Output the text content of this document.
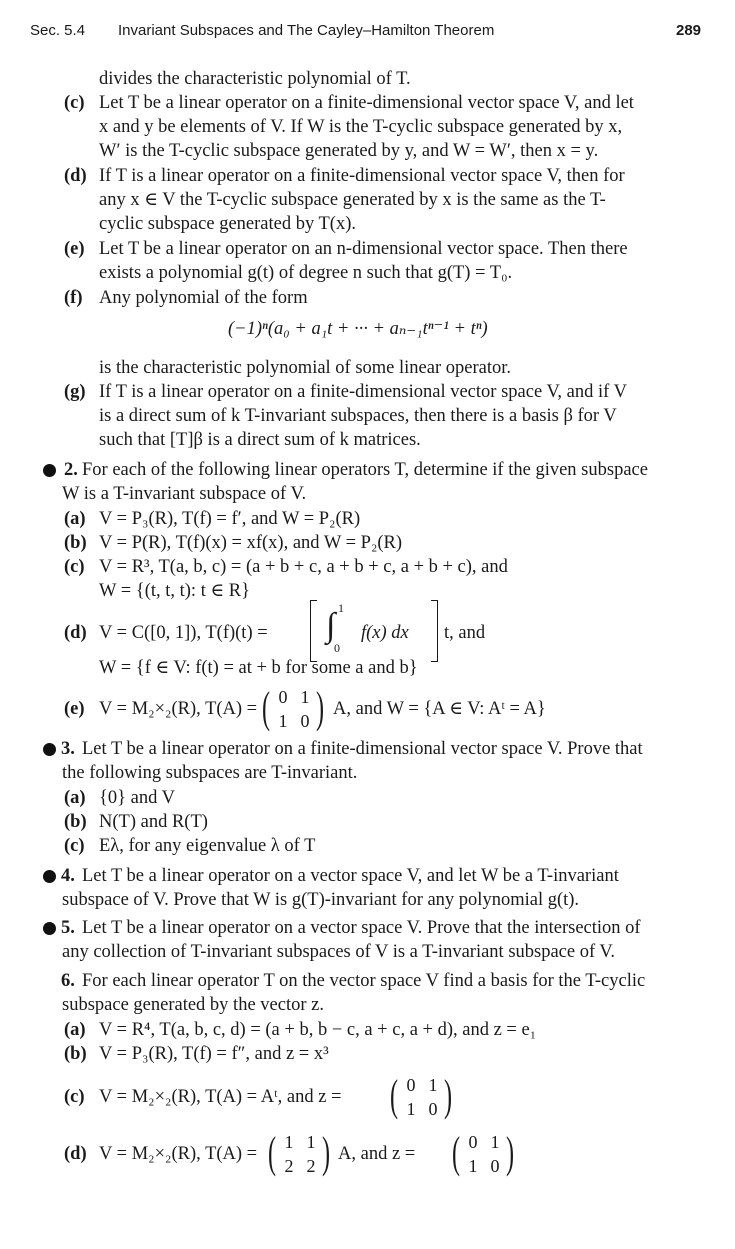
Sec. 5.4 Invariant Subspaces and The Cayley–Hamilton Theorem	289
divides the characteristic polynomial of T.
(c) Let T be a linear operator on a finite-dimensional vector space V, and let
x and y be elements of V. If W is the T-cyclic subspace generated by x,
W′ is the T-cyclic subspace generated by y, and W = W′, then x = y.
(d) If T is a linear operator on a finite-dimensional vector space V, then for
any x ∈ V the T-cyclic subspace generated by x is the same as the T-
cyclic subspace generated by T(x).
(e) Let T be a linear operator on an n-dimensional vector space. Then there
exists a polynomial g(t) of degree n such that g(T) = T₀.
(f) Any polynomial of the form
(−1)ⁿ(a₀ + a₁t + ··· + aₙ₋₁tⁿ⁻¹ + tⁿ)
is the characteristic polynomial of some linear operator.
(g) If T is a linear operator on a finite-dimensional vector space V, and if V
is a direct sum of k T-invariant subspaces, then there is a basis β for V
such that [T]β is a direct sum of k matrices.
2. For each of the following linear operators T, determine if the given subspace
W is a T-invariant subspace of V.
(a) V = P₃(R), T(f) = f′, and W = P₂(R)
(b) V = P(R), T(f)(x) = xf(x), and W = P₂(R)
(c) V = R³, T(a, b, c) = (a + b + c, a + b + c, a + b + c), and
W = {(t, t, t): t ∈ R}
(d) V = C([0, 1]), T(f)(t) = ∫ 1
0
f(x) dx t, and
W = {f ∈ V: f(t) = at + b for some a and b}
(e) V = M₂×₂(R), T(A) = ( 0 1
1 0 ) A, and W = {A ∈ V: Aᵗ = A}
3. Let T be a linear operator on a finite-dimensional vector space V. Prove that
the following subspaces are T-invariant.
(a) {0} and V
(b) N(T) and R(T)
(c) Eλ, for any eigenvalue λ of T
4. Let T be a linear operator on a vector space V, and let W be a T-invariant
subspace of V. Prove that W is g(T)-invariant for any polynomial g(t).
5. Let T be a linear operator on a vector space V. Prove that the intersection of
any collection of T-invariant subspaces of V is a T-invariant subspace of V.
6. For each linear operator T on the vector space V find a basis for the T-cyclic
subspace generated by the vector z.
(a) V = R⁴, T(a, b, c, d) = (a + b, b − c, a + c, a + d), and z = e₁
(b) V = P₃(R), T(f) = f″, and z = x³
(c) V = M₂×₂(R), T(A) = Aᵗ, and z = ( 0 1
1 0 )
(d) V = M₂×₂(R), T(A) = ( 1 1
2 2 ) A, and z = ( 0 1
1 0 )
